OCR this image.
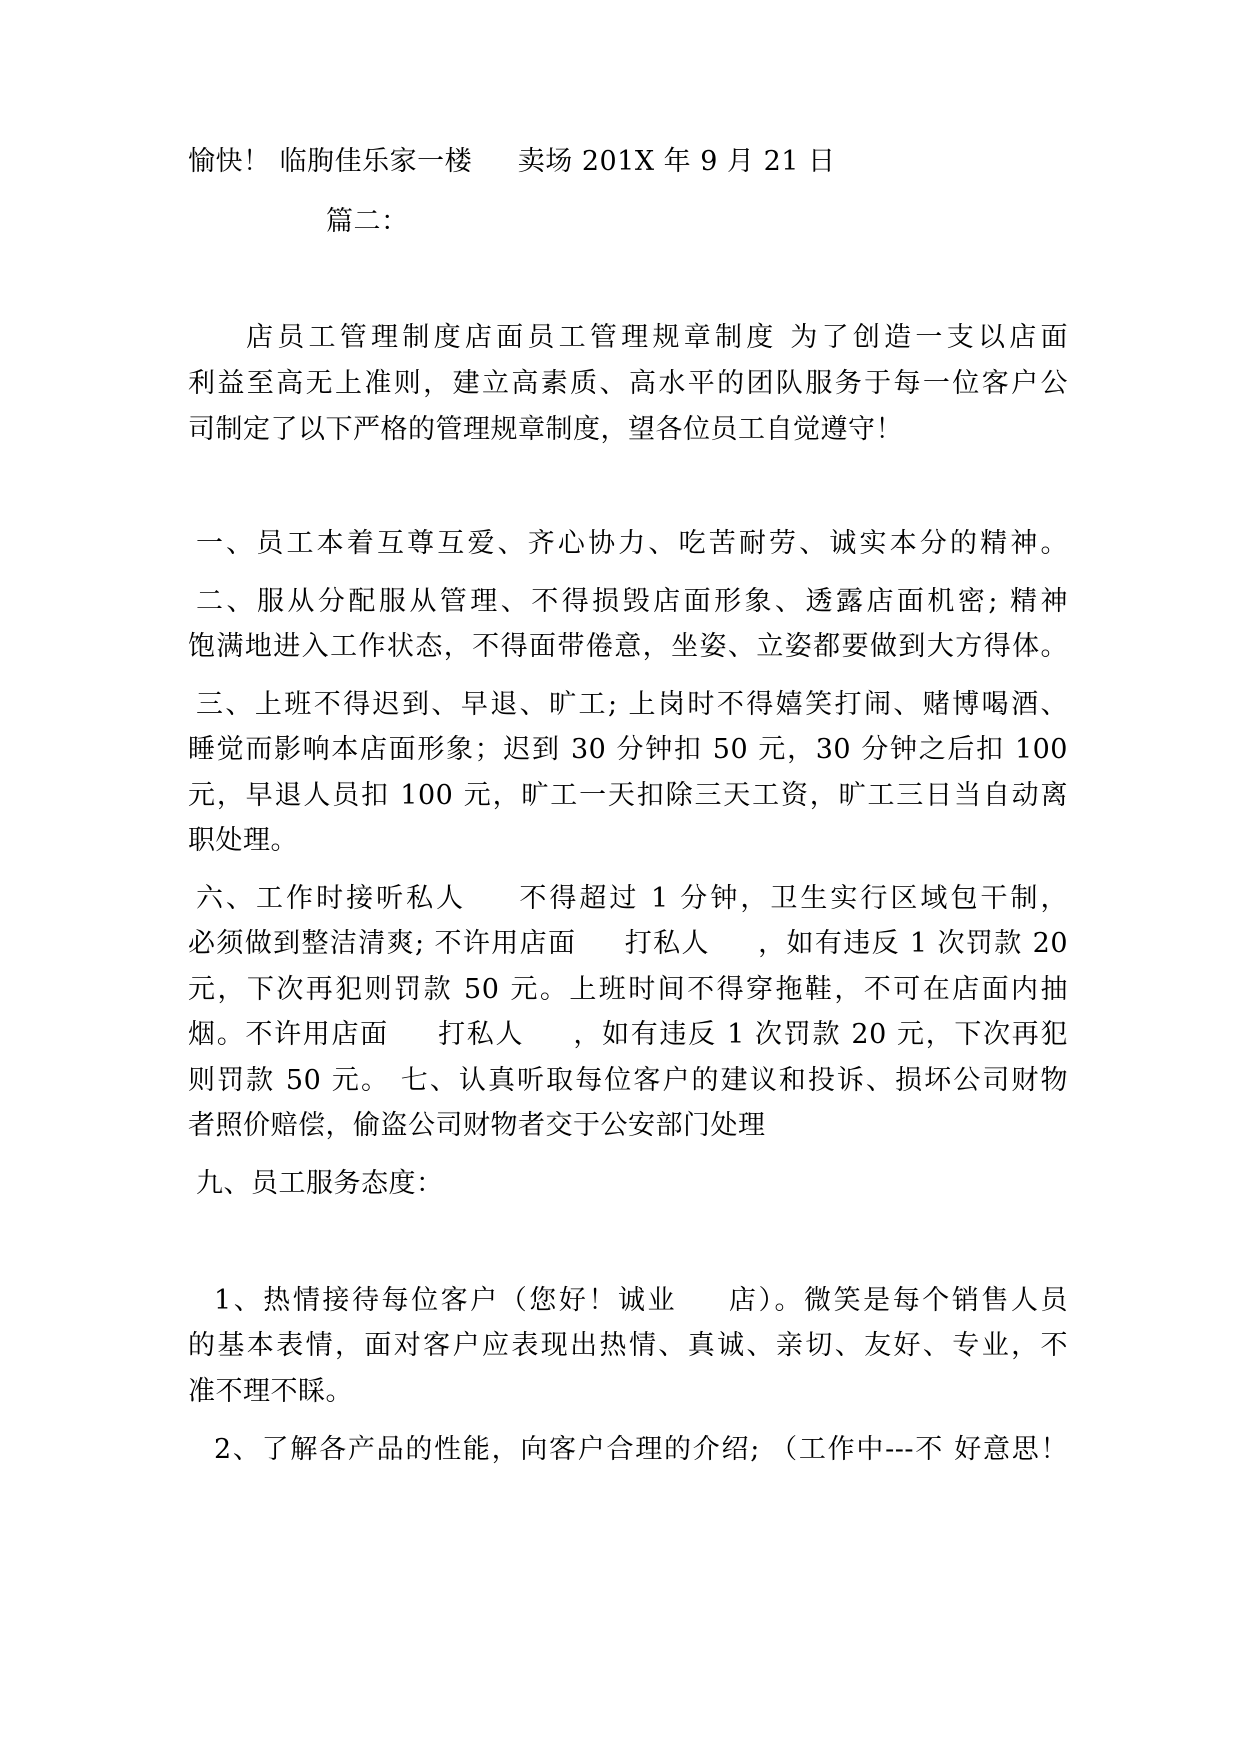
愉快！ 临朐佳乐家一楼 　 卖场 201X 年 9 月 21 日
篇二：
店员工管理制度店面员工管理规章制度 为了创造一支以店面
利益至高无上准则，建立高素质、高水平的团队服务于每一位客户公
司制定了以下严格的管理规章制度，望各位员工自觉遵守！
一、员工本着互尊互爱、齐心协力、吃苦耐劳、诚实本分的精神。
二、服从分配服从管理、不得损毁店面形象、透露店面机密; 精神
饱满地进入工作状态，不得面带倦意，坐姿、立姿都要做到大方得体。
三、上班不得迟到、早退、旷工; 上岗时不得嬉笑打闹、赌博喝酒、
睡觉而影响本店面形象；迟到 30 分钟扣 50 元，30 分钟之后扣 100
元，早退人员扣 100 元，旷工一天扣除三天工资，旷工三日当自动离
职处理。
六、工作时接听私人 　 不得超过 1 分钟，卫生实行区域包干制，
必须做到整洁清爽; 不许用店面 　 打私人 　 ，如有违反 1 次罚款 20
元，下次再犯则罚款 50 元。上班时间不得穿拖鞋，不可在店面内抽
烟。不许用店面 　 打私人 　 ，如有违反 1 次罚款 20 元，下次再犯
则罚款 50 元。 七、认真听取每位客户的建议和投诉、损坏公司财物
者照价赔偿，偷盗公司财物者交于公安部门处理
九、员工服务态度：
1、热情接待每位客户（您好！诚业 　 店）。微笑是每个销售人员
的基本表情，面对客户应表现出热情、真诚、亲切、友好、专业，不
准不理不睬。
2、了解各产品的性能，向客户合理的介绍; （工作中---不 好意思！
